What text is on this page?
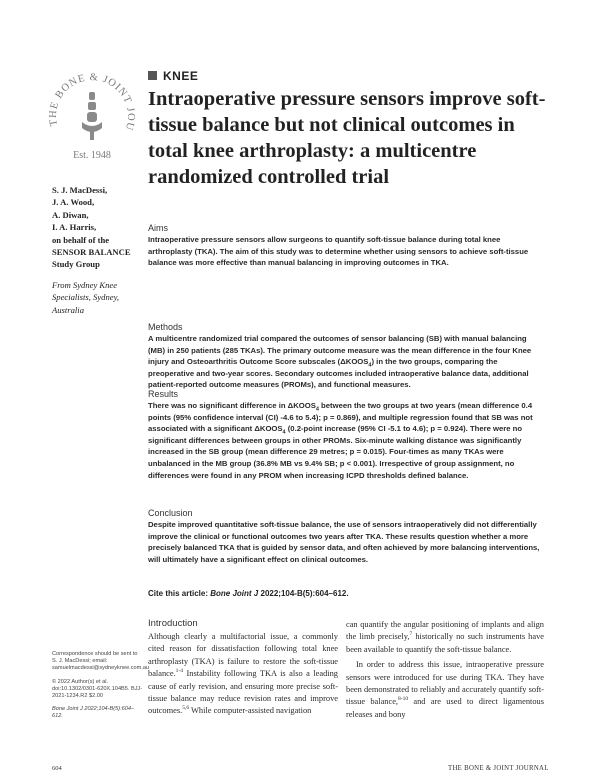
THE BONE & JOINT JOU
Est. 1948
KNEE
Intraoperative pressure sensors improve soft-tissue balance but not clinical outcomes in total knee arthroplasty: a multicentre randomized controlled trial
S. J. MacDessi,
J. A. Wood,
A. Diwan,
I. A. Harris,
on behalf of the
SENSOR BALANCE
Study Group
From Sydney Knee Specialists, Sydney, Australia

Aims

Intraoperative pressure sensors allow surgeons to quantify soft-tissue balance during total knee arthroplasty (TKA). The aim of this study was to determine whether using sensors to achieve soft-tissue balance was more effective than manual balancing in improving outcomes in TKA.

Methods

A multicentre randomized trial compared the outcomes of sensor balancing (SB) with manual balancing (MB) in 250 patients (285 TKAs). The primary outcome measure was the mean difference in the four Knee injury and Osteoarthritis Outcome Score subscales $(\Delta KOOS_4)$ in the two groups, comparing the preoperative and two-year scores. Secondary outcomes included intraoperative balance data, additional patient-reported outcome measures (PROMs), and functional measures.

Results

There was no significant difference in $\Delta KOOS_4$ between the two groups at two years (mean difference 0.4 points (95% confidence interval (CI) -4.6 to 5.4); p = 0.869), and multiple regression found that SB was not associated with a significant $\Delta KOOS_4$ (0.2-point increase (95% CI -5.1 to 4.6); p = 0.924). There were no significant differences between groups in other PROMs. Six-minute walking distance was significantly increased in the SB group (mean difference 29 metres; p = 0.015). Four-times as many TKAs were unbalanced in the MB group (36.8% MB vs 9.4% SB; p < 0.001). Irrespective of group assignment, no differences were found in any PROM when increasing ICPD thresholds defined balance.

Conclusion

Despite improved quantitative soft-tissue balance, the use of sensors intraoperatively did not differentially improve the clinical or functional outcomes two years after TKA. These results question whether a more precisely balanced TKA that is guided by sensor data, and often achieved by more balancing interventions, will ultimately have a significant effect on clinical outcomes.

Cite this article: Bone Joint J 2022;104-B(5):604–612.
Introduction

Although clearly a multifactorial issue, a commonly cited reason for dissatisfaction following total knee arthroplasty (TKA) is failure to restore the soft-tissue balance.$^{1-4}$ Instability following TKA is also a leading cause of early revision, and ensuring more precise soft-tissue balance may reduce revision rates and improve outcomes.$^{5,6}$ While computer-assisted navigation

can quantify the angular positioning of implants and align the limb precisely,$^7$ historically no such instruments have been available to quantify the soft-tissue balance.

In order to address this issue, intraoperative pressure sensors were introduced for use during TKA. They have been demonstrated to reliably and accurately quantify soft-tissue balance,$^{8-10}$ and are used to direct ligamentous releases and bony

Correspondence should be sent to S. J. MacDessi; email: samuelmacdessi@sydneyknee.com.au

© 2022 Author(s) et al. doi:10.1302/0301-620X.104B5. BJJ-2021-1234.R2 $2.00

Bone Joint J 2022;104-B(5):604–612.

604	THE BONE & JOINT JOURNAL
